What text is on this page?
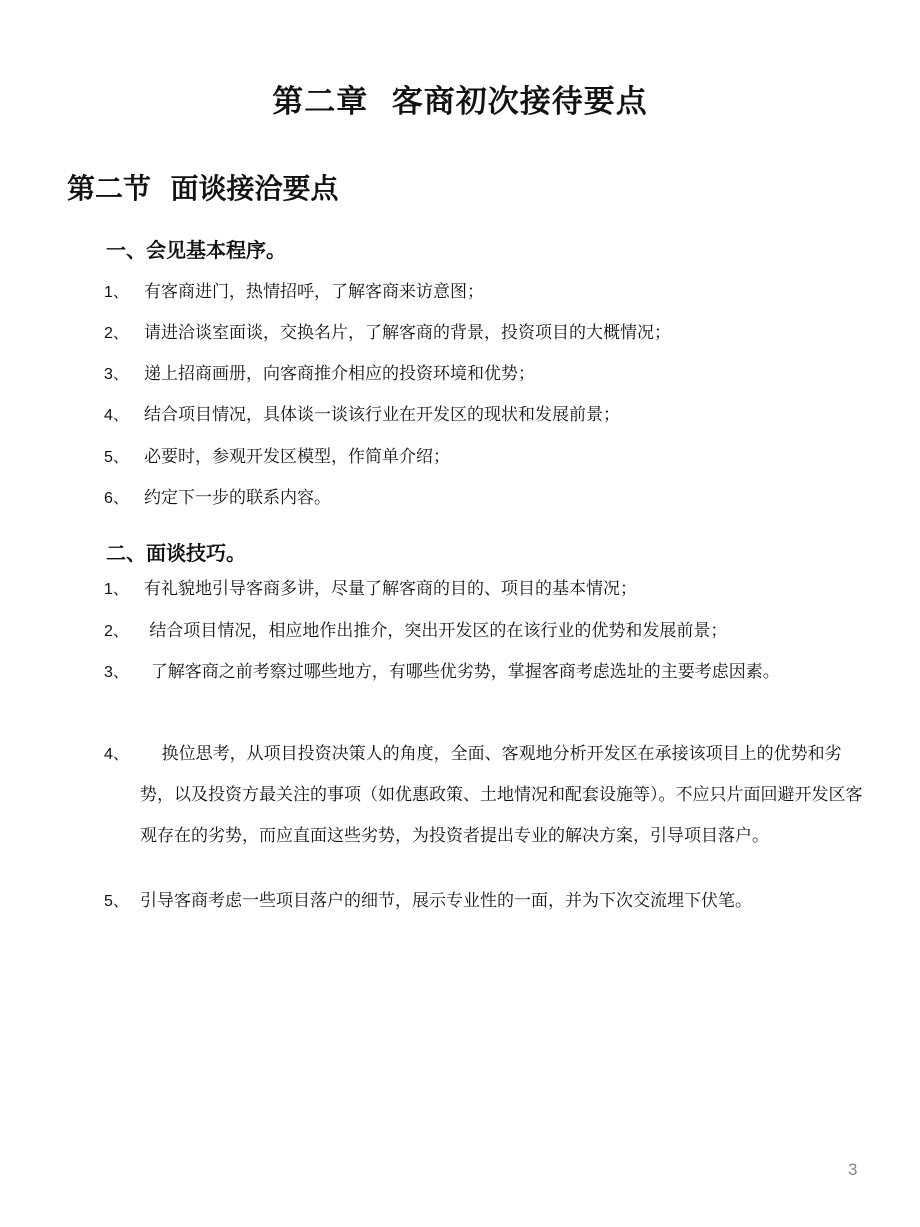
第二章  客商初次接待要点
第二节  面谈接洽要点
一、会见基本程序。
1、 有客商进门，热情招呼，了解客商来访意图；
2、 请进洽谈室面谈，交换名片，了解客商的背景，投资项目的大概情况；
3、 递上招商画册，向客商推介相应的投资环境和优势；
4、 结合项目情况，具体谈一谈该行业在开发区的现状和发展前景；
5、 必要时，参观开发区模型，作简单介绍；
6、 约定下一步的联系内容。
二、面谈技巧。
1、 有礼貌地引导客商多讲，尽量了解客商的目的、项目的基本情况；
2、 结合项目情况，相应地作出推介，突出开发区的在该行业的优势和发展前景；
3、 了解客商之前考察过哪些地方，有哪些优劣势，掌握客商考虑选址的主要考虑因素。
4、 换位思考，从项目投资决策人的角度，全面、客观地分析开发区在承接该项目上的优势和劣势，以及投资方最关注的事项（如优惠政策、土地情况和配套设施等）。不应只片面回避开发区客观存在的劣势，而应直面这些劣势，为投资者提出专业的解决方案，引导项目落户。
5、 引导客商考虑一些项目落户的细节，展示专业性的一面，并为下次交流埋下伏笔。
3
